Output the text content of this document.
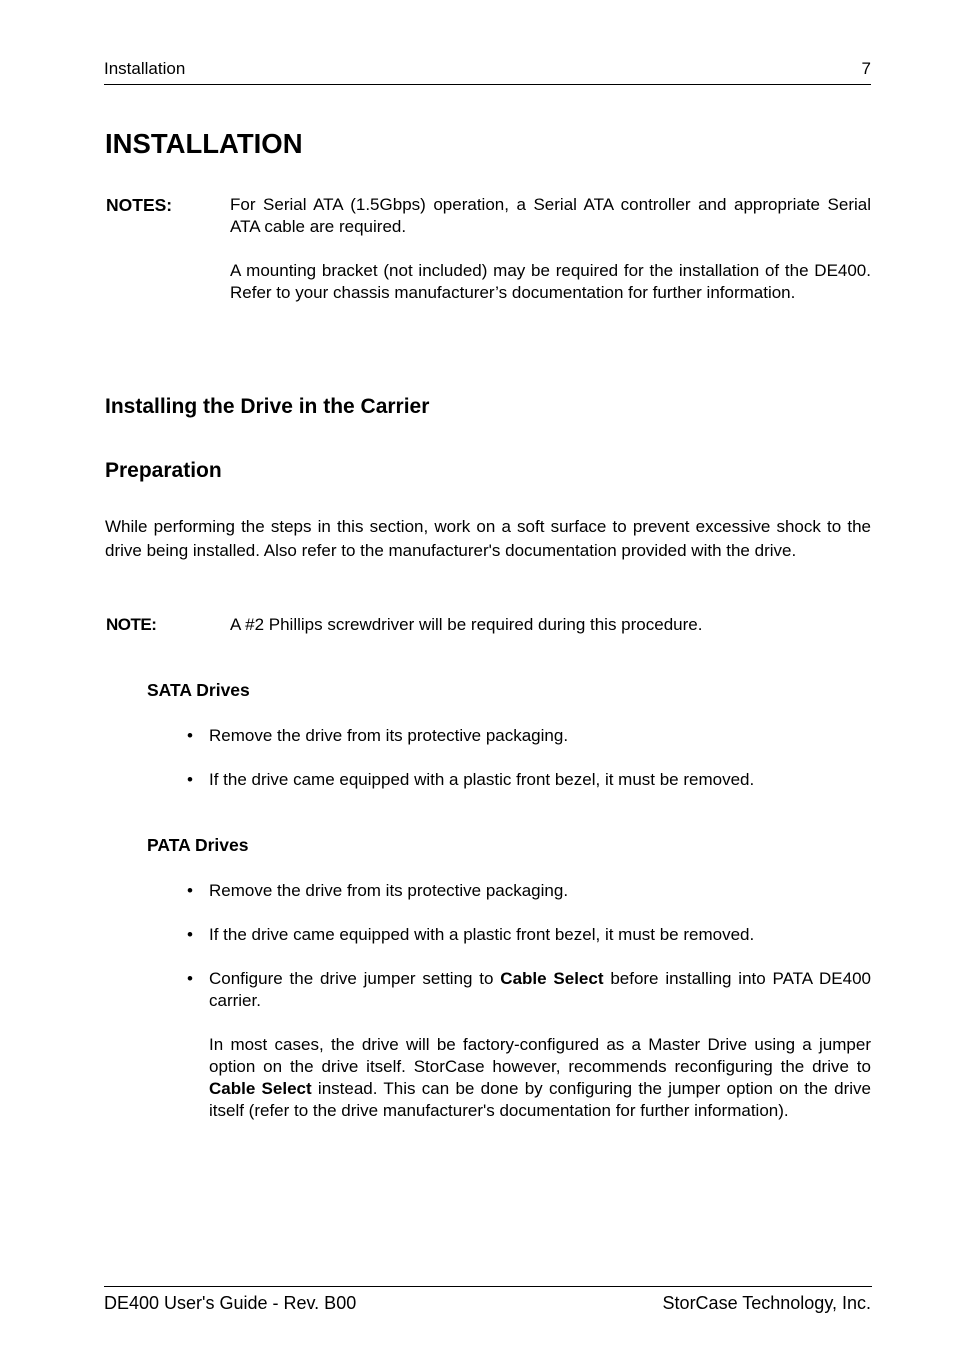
Installation	7
INSTALLATION
NOTES:	For Serial ATA (1.5Gbps) operation, a Serial ATA controller and appropriate Serial ATA cable are required.
A mounting bracket (not included) may be required for the installation of the DE400. Refer to your chassis manufacturer’s documentation for further information.
Installing the Drive in the Carrier
Preparation
While performing the steps in this section, work on a soft surface to prevent excessive shock to the drive being installed. Also refer to the manufacturer's documentation provided with the drive.
NOTE:	A #2 Phillips screwdriver will be required during this procedure.
SATA Drives
• Remove the drive from its protective packaging.
• If the drive came equipped with a plastic front bezel, it must be removed.
PATA Drives
• Remove the drive from its protective packaging.
• If the drive came equipped with a plastic front bezel, it must be removed.
• Configure the drive jumper setting to Cable Select before installing into PATA DE400 carrier.
In most cases, the drive will be factory-configured as a Master Drive using a jumper option on the drive itself. StorCase however, recommends reconfiguring the drive to Cable Select instead. This can be done by configuring the jumper option on the drive itself (refer to the drive manufacturer's documentation for further information).
DE400 User's Guide - Rev. B00	StorCase Technology, Inc.
